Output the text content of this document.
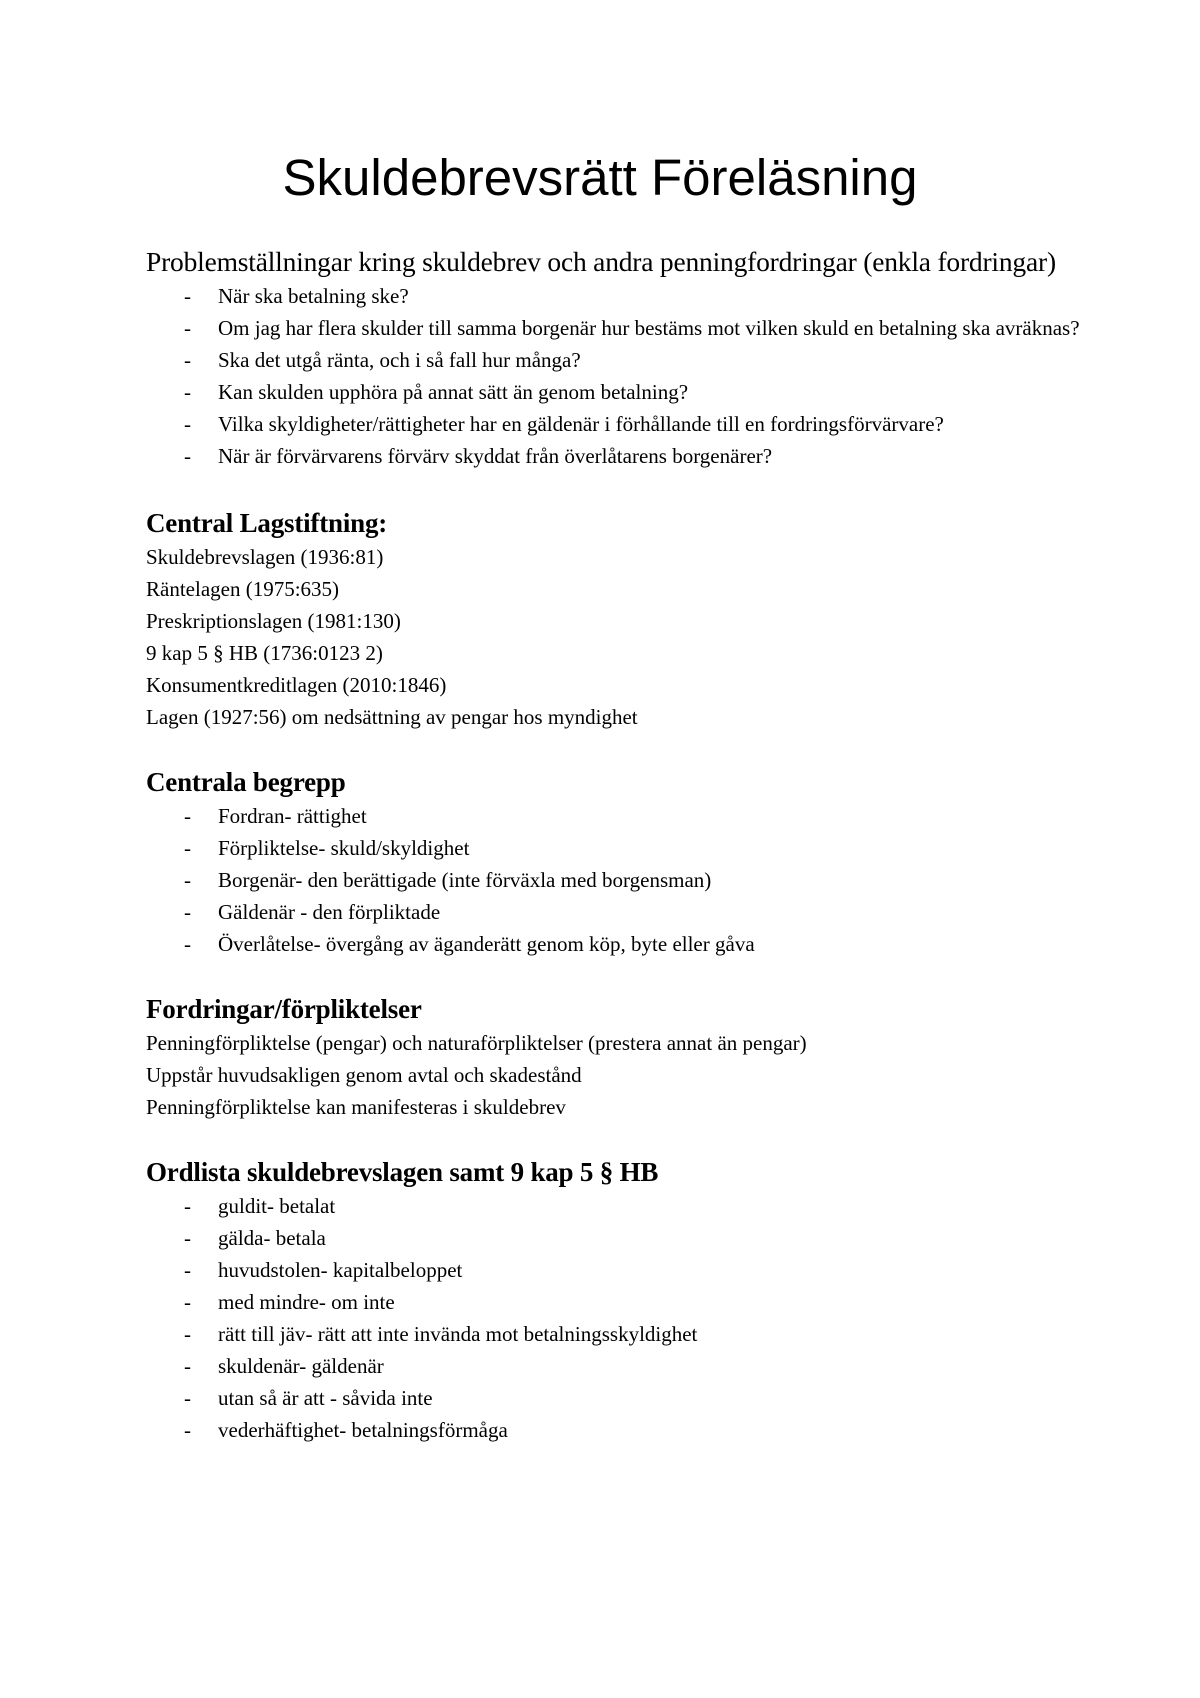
Skuldebrevsrätt Föreläsning
Problemställningar kring skuldebrev och andra penningfordringar (enkla fordringar)
- När ska betalning ske?
- Om jag har flera skulder till samma borgenär hur bestäms mot vilken skuld en betalning ska avräknas?
- Ska det utgå ränta, och i så fall hur många?
- Kan skulden upphöra på annat sätt än genom betalning?
- Vilka skyldigheter/rättigheter har en gäldenär i förhållande till en fordringsförvärvare?
- När är förvärvarens förvärv skyddat från överlåtarens borgenärer?
Central Lagstiftning:

Skuldebrevslagen (1936:81)

Räntelagen (1975:635)

Preskriptionslagen (1981:130)

9 kap 5 § HB (1736:0123 2)

Konsumentkreditlagen (2010:1846)

Lagen (1927:56) om nedsättning av pengar hos myndighet

Centrala begrepp
- Fordran- rättighet
- Förpliktelse- skuld/skyldighet
- Borgenär- den berättigade (inte förväxla med borgensman)
- Gäldenär - den förpliktade
- Överlåtelse- övergång av äganderätt genom köp, byte eller gåva
Fordringar/förpliktelser

Penningförpliktelse (pengar) och naturaförpliktelser (prestera annat än pengar)

Uppstår huvudsakligen genom avtal och skadestånd

Penningförpliktelse kan manifesteras i skuldebrev

Ordlista skuldebrevslagen samt 9 kap 5 § HB
- guldit- betalat
- gälda- betala
- huvudstolen- kapitalbeloppet
- med mindre- om inte
- rätt till jäv- rätt att inte invända mot betalningsskyldighet
- skuldenär- gäldenär
- utan så är att - såvida inte
- vederhäftighet- betalningsförmåga
